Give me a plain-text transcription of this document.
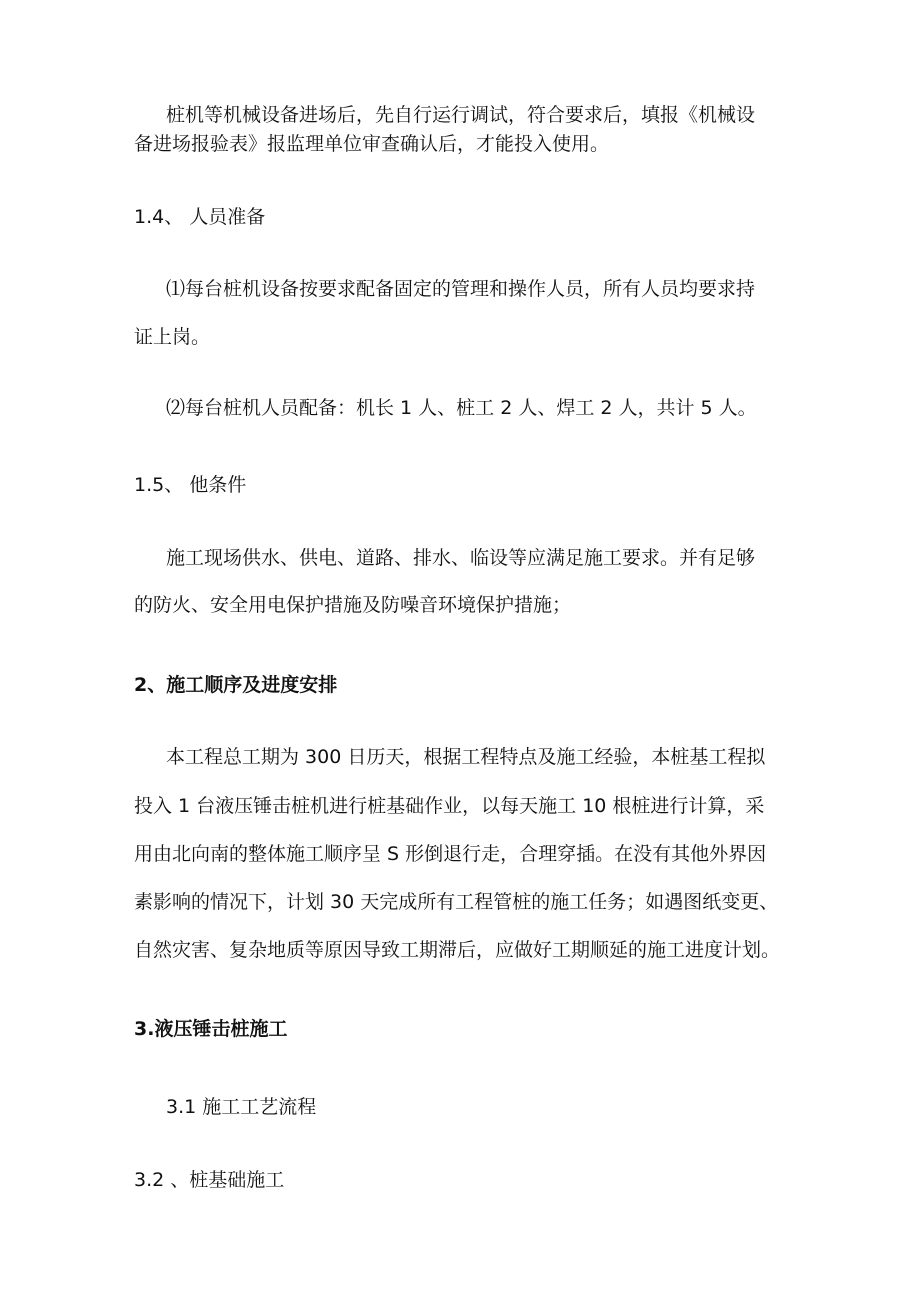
桩机等机械设备进场后，先自行运行调试，符合要求后，填报《机械设
备进场报验表》报监理单位审查确认后，才能投入使用。
1.4、 人员准备
⑴每台桩机设备按要求配备固定的管理和操作人员，所有人员均要求持
证上岗。
⑵每台桩机人员配备：机长 1 人、桩工 2 人、焊工 2 人，共计 5 人。
1.5、 他条件
施工现场供水、供电、道路、排水、临设等应满足施工要求。并有足够
的防火、安全用电保护措施及防噪音环境保护措施；
2、施工顺序及进度安排
本工程总工期为 300 日历天，根据工程特点及施工经验，本桩基工程拟
投入 1 台液压锤击桩机进行桩基础作业，以每天施工 10 根桩进行计算，采
用由北向南的整体施工顺序呈 S 形倒退行走，合理穿插。在没有其他外界因
素影响的情况下，计划 30 天完成所有工程管桩的施工任务；如遇图纸变更、
自然灾害、复杂地质等原因导致工期滞后，应做好工期顺延的施工进度计划。
3.液压锤击桩施工
3.1 施工工艺流程
3.2 、桩基础施工
